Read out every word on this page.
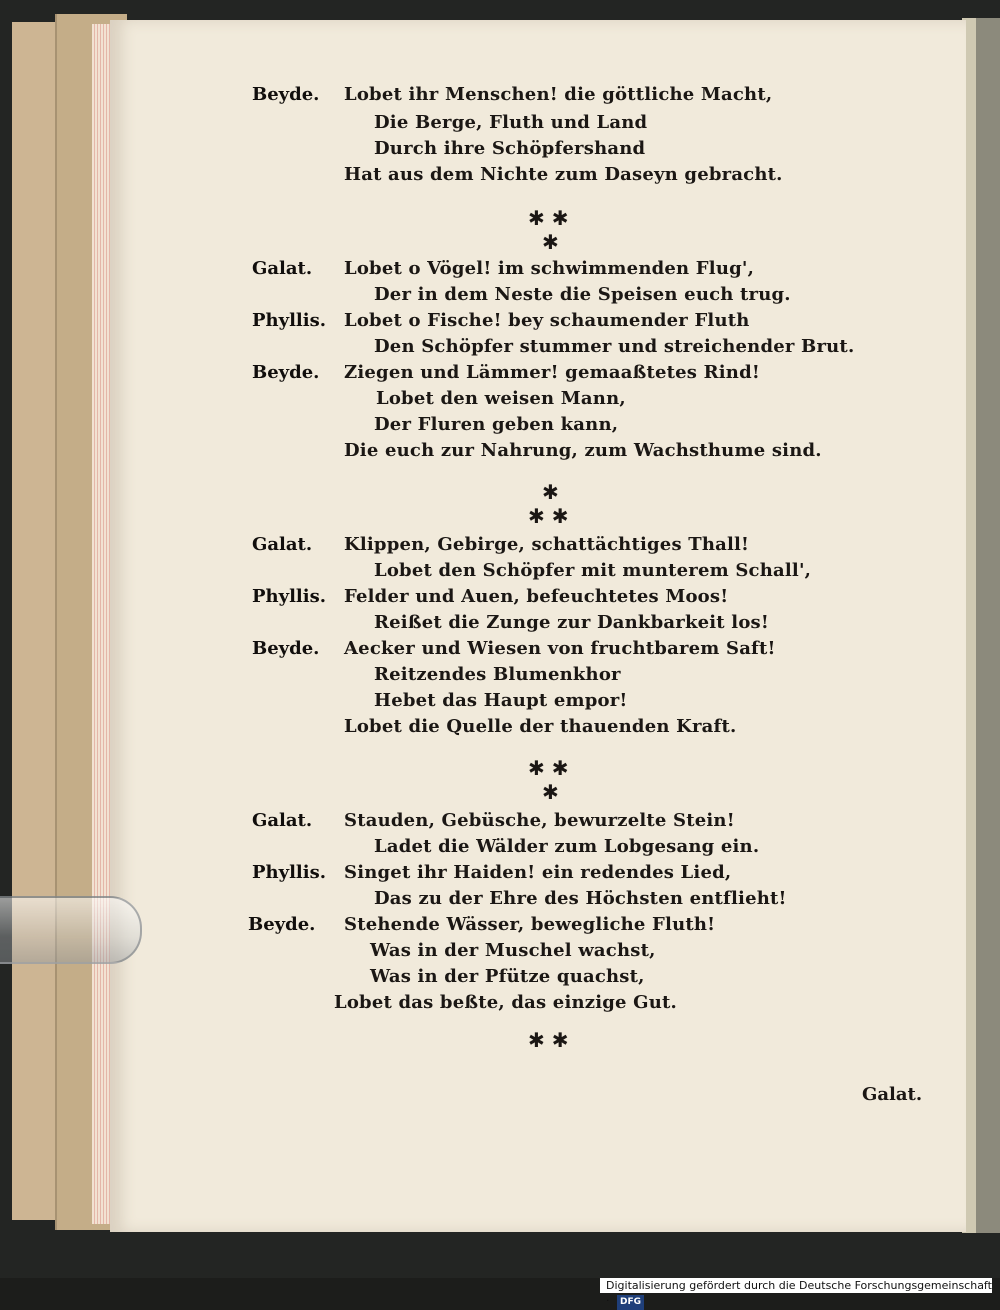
Beyde. Lobet ihr Menschen! die göttliche Macht,
Die Berge, Fluth und Land
Durch ihre Schöpfershand
Hat aus dem Nichte zum Daseyn gebracht.
✱ ✱
✱
Galat. Lobet o Vögel! im schwimmenden Flug',
Der in dem Neste die Speisen euch trug.
Phyllis. Lobet o Fische! bey schaumender Fluth
Den Schöpfer stummer und streichender Brut.
Beyde. Ziegen und Lämmer! gemaaßtetes Rind!
Lobet den weisen Mann,
Der Fluren geben kann,
Die euch zur Nahrung, zum Wachsthume sind.
✱
✱ ✱
Galat. Klippen, Gebirge, schattächtiges Thall!
Lobet den Schöpfer mit munterem Schall',
Phyllis. Felder und Auen, befeuchtetes Moos!
Reißet die Zunge zur Dankbarkeit los!
Beyde. Aecker und Wiesen von fruchtbarem Saft!
Reitzendes Blumenkhor
Hebet das Haupt empor!
Lobet die Quelle der thauenden Kraft.
✱ ✱
✱
Galat. Stauden, Gebüsche, bewurzelte Stein!
Ladet die Wälder zum Lobgesang ein.
Phyllis. Singet ihr Haiden! ein redendes Lied,
Das zu der Ehre des Höchsten entflieht!
Beyde. Stehende Wässer, bewegliche Fluth!
Was in der Muschel wachst,
Was in der Pfütze quachst,
Lobet das beßte, das einzige Gut.
✱ ✱
Galat.
Digitalisierung gefördert durch die Deutsche Forschungsgemeinschaft · DFG
